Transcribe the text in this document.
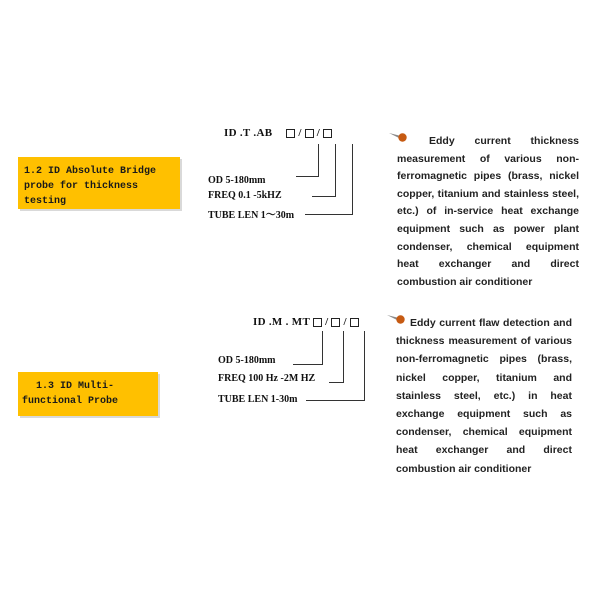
1.2 ID Absolute Bridge
probe for thickness
testing
ID .T .AB / /
OD 5-180mm
FREQ 0.1 -5kHZ
TUBE LEN 1～30m
Eddy current thickness measurement of various non-ferromagnetic pipes (brass, nickel copper, titanium and stainless steel, etc.) of in-service heat exchange equipment such as power plant condenser, chemical equipment heat exchanger and direct combustion air conditioner
1.3 ID Multi-
functional Probe
ID .M . MT / /
OD 5-180mm
FREQ 100 Hz -2M HZ
TUBE LEN 1-30m
Eddy current flaw detection and thickness measurement of various non-ferromagnetic pipes (brass, nickel copper, titanium and stainless steel, etc.) in heat exchange equipment such as condenser, chemical equipment heat exchanger and direct combustion air conditioner
